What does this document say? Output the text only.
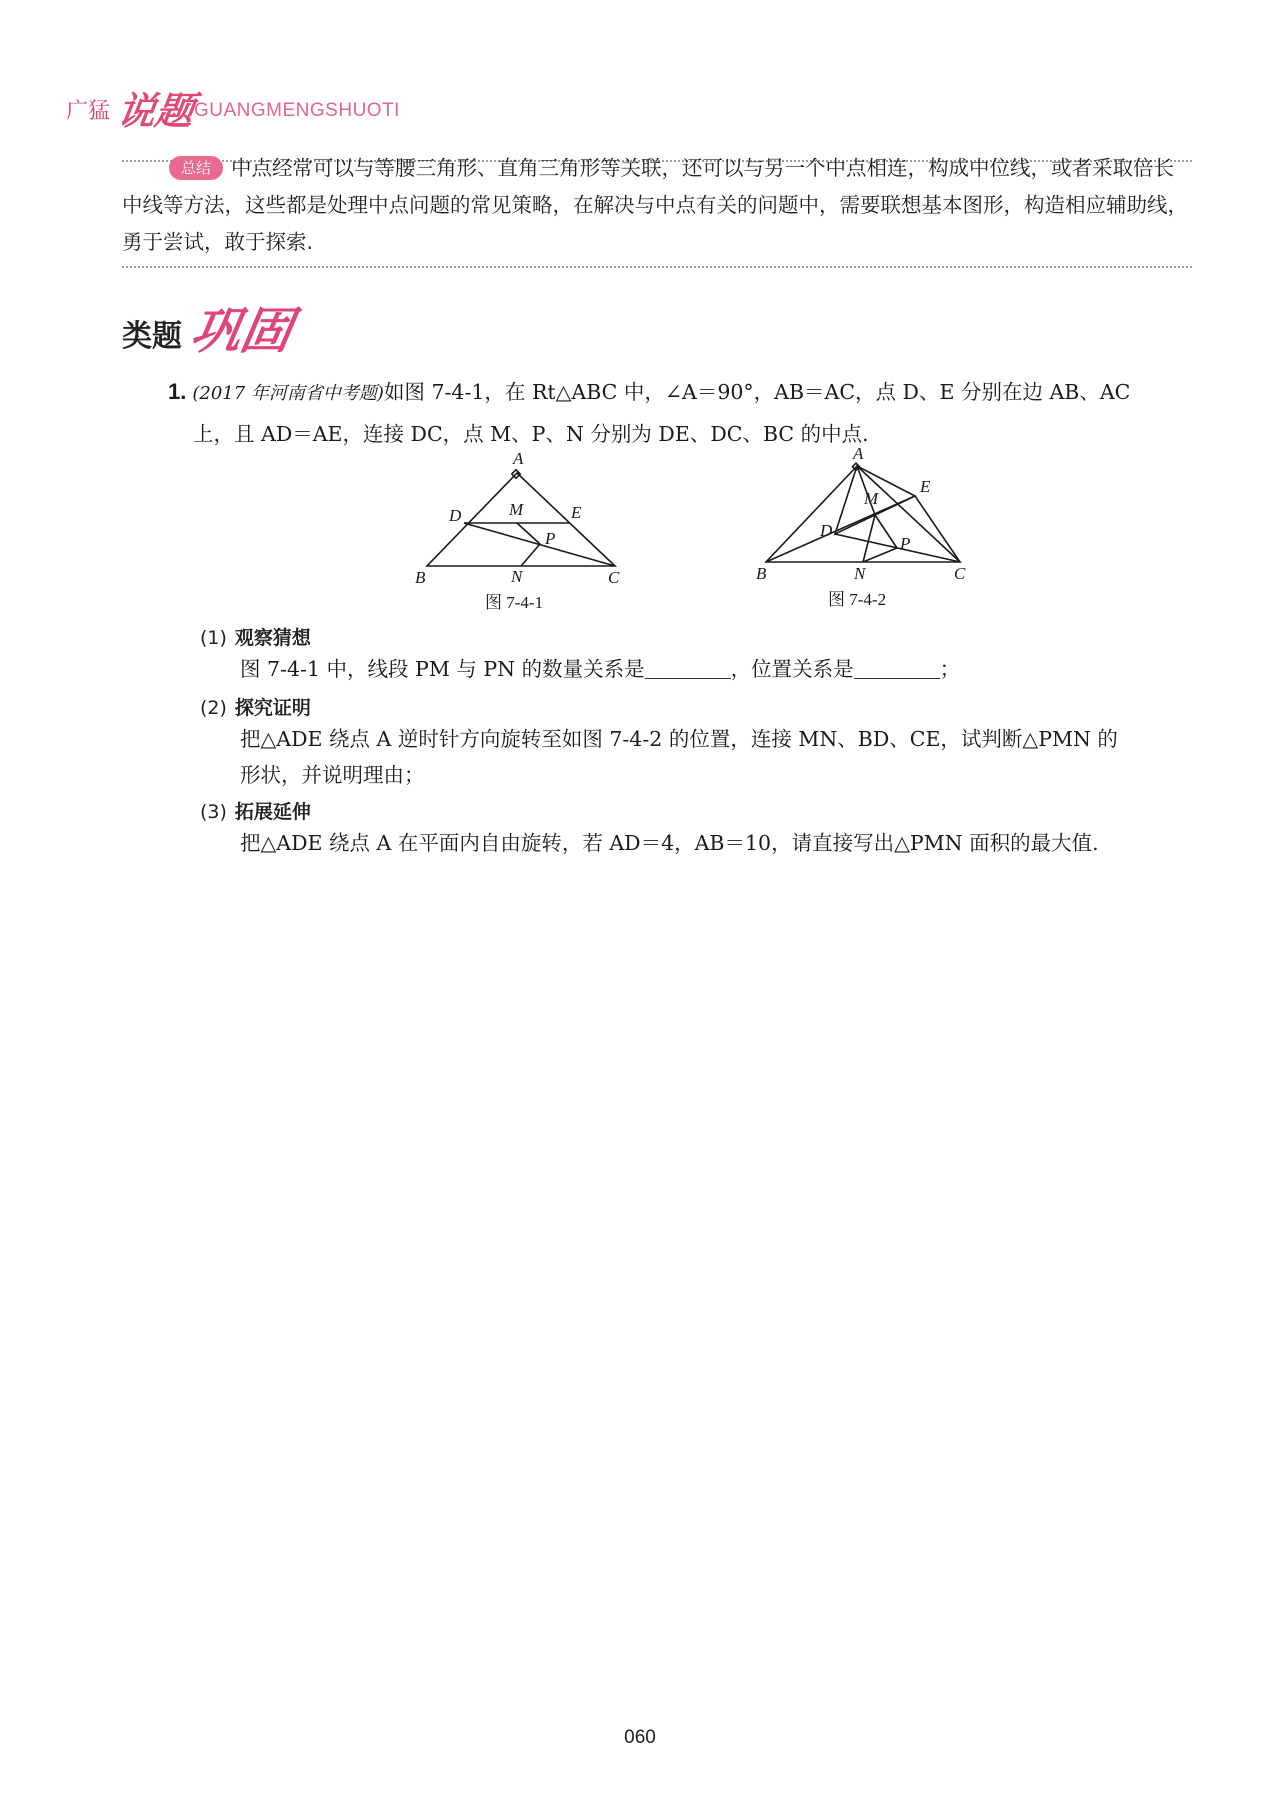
广猛 说题
GUANGMENGSHUOTI
总结 中点经常可以与等腰三角形、直角三角形等关联，还可以与另一个中点相连，构成中位线，或者采取倍长中线等方法，这些都是处理中点问题的常见策略，在解决与中点有关的问题中，需要联想基本图形，构造相应辅助线，勇于尝试，敢于探索.
类题 巩固
1. (2017 年河南省中考题)如图 7-4-1，在 Rt△ABC 中，∠A＝90°，AB＝AC，点 D、E 分别在边 AB、AC
上，且 AD＝AE，连接 DC，点 M、P、N 分别为 DE、DC、BC 的中点.
A
B	C
D	E
M
P
N
图 7-4-1
A
B	C
D
E
M
P
N
图 7-4-2
(1) 观察猜想
图 7-4-1 中，线段 PM 与 PN 的数量关系是	，位置关系是	；
(2) 探究证明
把△ADE 绕点 A 逆时针方向旋转至如图 7-4-2 的位置，连接 MN、BD、CE，试判断△PMN 的
形状，并说明理由；
(3) 拓展延伸
把△ADE 绕点 A 在平面内自由旋转，若 AD＝4，AB＝10，请直接写出△PMN 面积的最大值.
060
